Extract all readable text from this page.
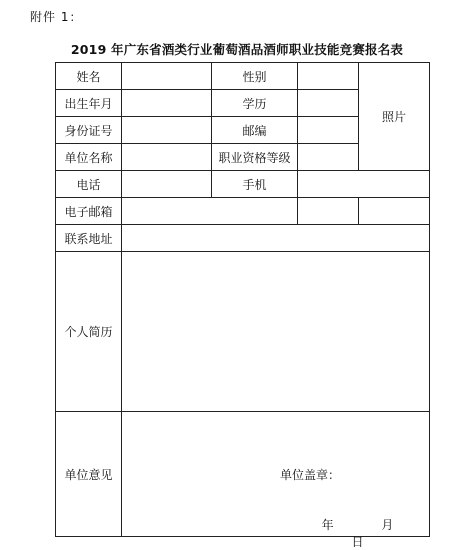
附件 1：
2019 年广东省酒类行业葡萄酒品酒师职业技能竞赛报名表
姓名		性别		照片
出生年月		学历		
身份证号		邮编		
单位名称		职业资格等级		
电话		手机		
电子邮箱				
联系地址				
个人简历				
单位意见	单位盖章：
年 月 日			
